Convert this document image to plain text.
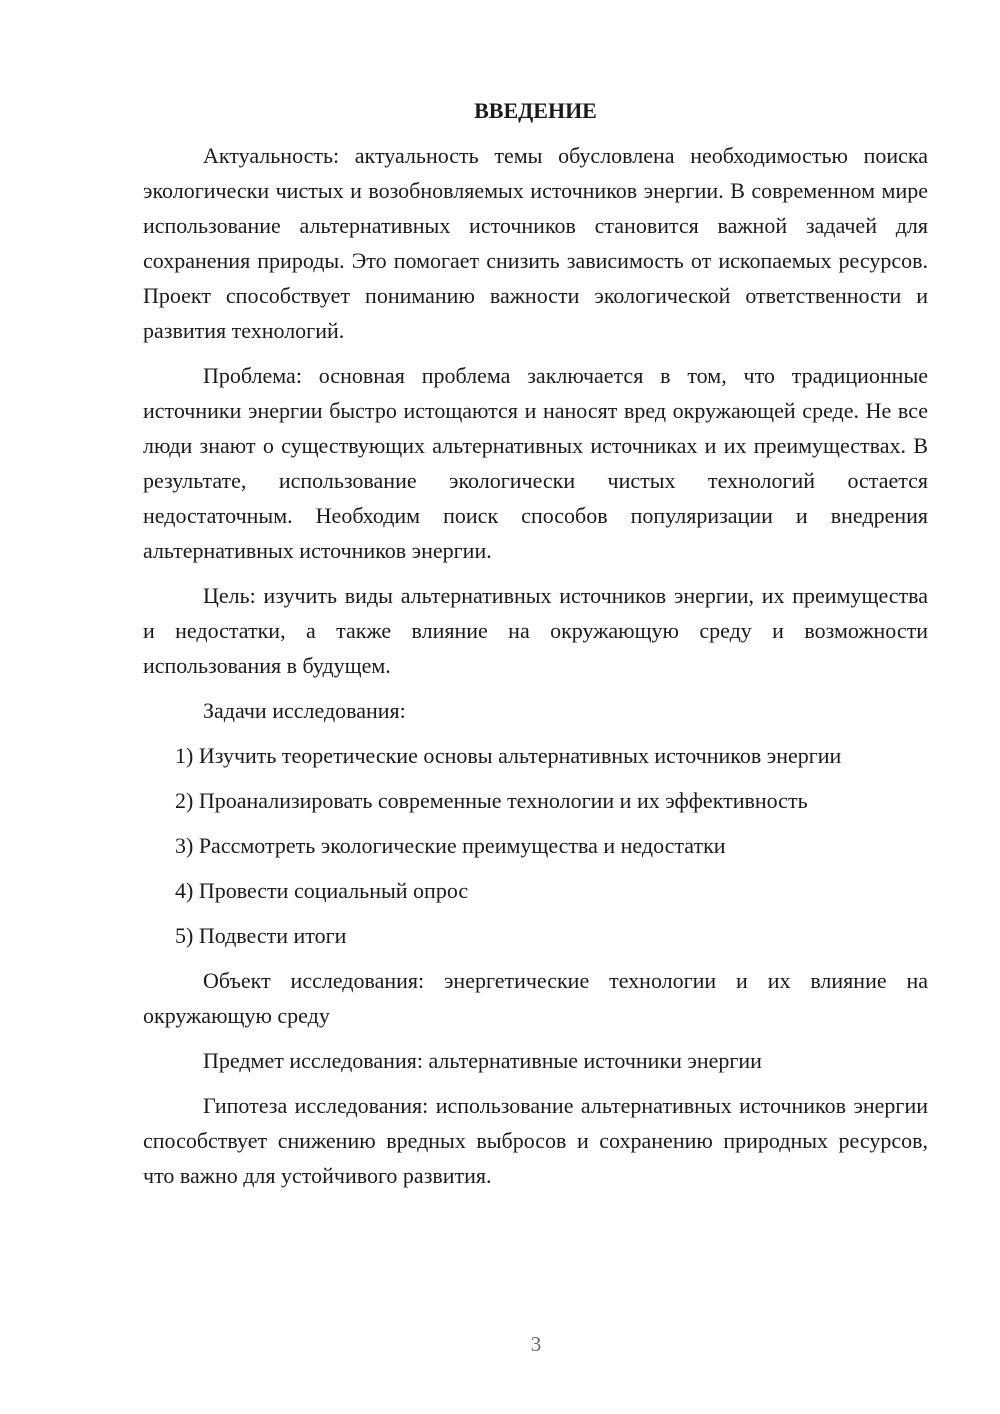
ВВЕДЕНИЕ

Актуальность: актуальность темы обусловлена необходимостью поиска экологически чистых и возобновляемых источников энергии. В современном мире использование альтернативных источников становится важной задачей для сохранения природы. Это помогает снизить зависимость от ископаемых ресурсов. Проект способствует пониманию важности экологической ответственности и развития технологий.

Проблема: основная проблема заключается в том, что традиционные источники энергии быстро истощаются и наносят вред окружающей среде. Не все люди знают о существующих альтернативных источниках и их преимуществах. В результате, использование экологически чистых технологий остается недостаточным. Необходим поиск способов популяризации и внедрения альтернативных источников энергии.

Цель: изучить виды альтернативных источников энергии, их преимущества и недостатки, а также влияние на окружающую среду и возможности использования в будущем.

Задачи исследования:

1) Изучить теоретические основы альтернативных источников энергии
2) Проанализировать современные технологии и их эффективность
3) Рассмотреть экологические преимущества и недостатки
4) Провести социальный опрос
5) Подвести итоги

Объект исследования: энергетические технологии и их влияние на окружающую среду

Предмет исследования: альтернативные источники энергии

Гипотеза исследования: использование альтернативных источников энергии способствует снижению вредных выбросов и сохранению природных ресурсов, что важно для устойчивого развития.

3
